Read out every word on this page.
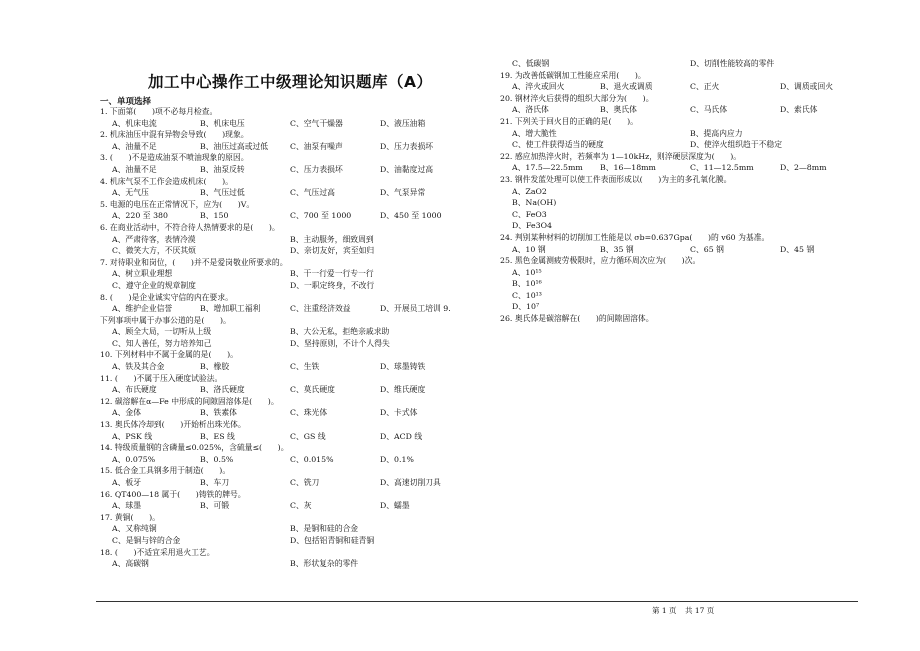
加工中心操作工中级理论知识题库（A）
一、单项选择
1. 下面第(　　)项不必每月检查。
A、机床电流	B、机床电压	C、空气干燥器	D、液压油箱
2. 机床油压中混有异物会导致(　　)现象。
A、油量不足	B、油压过高或过低	C、油泵有噪声	D、压力表损坏
3. (　　)不是造成油泵不喷油现象的原因。
A、油量不足	B、油泵反转	C、压力表损坏	D、油黏度过高
4. 机床气泵不工作会造成机床(　　)。
A、无气压	B、气压过低	C、气压过高	D、气泵异常
5. 电源的电压在正常情况下，应为(　　)V。
A、220 至 380	B、150	C、700 至 1000	D、450 至 1000
6. 在商业活动中，不符合待人热情要求的是(　　)。
A、严肃待客，表情冷漠	B、主动服务，细致周到
C、微笑大方，不厌其烦	D、亲切友好，宾至如归
7. 对待职业和岗位，(　　)并不是爱岗敬业所要求的。
A、树立职业理想	B、干一行爱一行专一行
C、遵守企业的规章制度	D、一职定终身，不改行
8. (　　)是企业诚实守信的内在要求。
A、维护企业信誉	B、增加职工福利	C、注重经济效益	D、开展员工培训 9.
下列事项中属于办事公道的是(　　)。
A、顾全大局，一切听从上级	B、大公无私，拒绝亲戚求助
C、知人善任，努力培养知己	D、坚持原则，不计个人得失
10. 下列材料中不属于金属的是(　　)。
A、铁及其合金	B、橡胶	C、生铁	D、球墨铸铁
11. (　　)不属于压入硬度试验法。
A、布氏硬度	B、洛氏硬度	C、莫氏硬度	D、维氏硬度
12. 碳溶解在α—Fe 中形成的间隙固溶体是(　　)。
A、金体	B、铁素体	C、珠光体	D、卡式体
13. 奥氏体冷却到(　　)开始析出珠光体。
A、PSK 线	B、ES 线	C、GS 线	D、ACD 线
14. 特级质量钢的含磷量≤0.025%，含硫量≤(　　)。
A、0.075%	B、0.5%	C、0.015%	D、0.1%
15. 低合金工具钢多用于制造(　　)。
A、板牙	B、车刀	C、铣刀	D、高速切削刀具
16. QT400—18 属于(　　)铸铁的牌号。
A、球墨	B、可锻	C、灰	D、蠕墨
17. 黄铜(　　)。
A、又称纯铜	B、是铜和硅的合金
C、是铜与锌的合金	D、包括铝青铜和硅青铜
18. (　　)不适宜采用退火工艺。
A、高碳钢	B、形状复杂的零件
C、低碳钢	D、切削性能较高的零件
19. 为改善低碳钢加工性能应采用(　　)。
A、淬火或回火	B、退火或调质	C、正火	D、调质或回火
20. 钢材淬火后获得的组织大部分为(　　)。
A、洛氏体	B、奥氏体	C、马氏体	D、索氏体
21. 下列关于回火目的正确的是(　　)。
A、增大脆性	B、提高内应力
C、使工件获得适当的硬度	D、使淬火组织趋于不稳定
22. 感应加热淬火时，若频率为 1—10kHz，则淬硬层深度为(　　)。
A、17.5—22.5mm B、16—18mm	C、11—12.5mm	D、2—8mm
23. 钢件发蓝处理可以使工件表面形成以(　　)为主的多孔氧化膜。
A、ZaO2
B、Na(OH)
C、FeO3
D、Fe3O4
24. 判别某种材料的切削加工性能是以 σb=0.637Gpa(　　)的 v60 为基准。
A、10 钢	B、35 钢	C、65 钢	D、45 钢
25. 黑色金属测疲劳极限时，应力循环周次应为(　　)次。
A、10¹⁵
B、10¹⁶
C、10¹³
D、10⁷
26. 奥氏体是碳溶解在(　　)的间隙固溶体。
第 1 页 共 17 页
